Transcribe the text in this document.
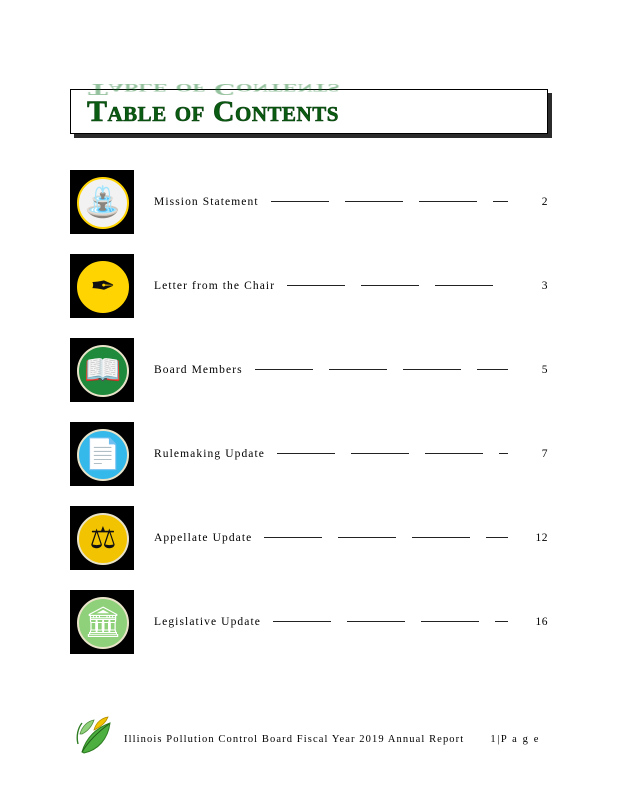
Table of Contents
Table of Contents
⛲	Mission Statement	2
✒	Letter from the Chair	3
📖	Board Members	5
📄	Rulemaking Update	7
⚖	Appellate Update	12
🏛	Legislative Update	16
Illinois Pollution Control Board Fiscal Year 2019 Annual Report 1|P a g e
